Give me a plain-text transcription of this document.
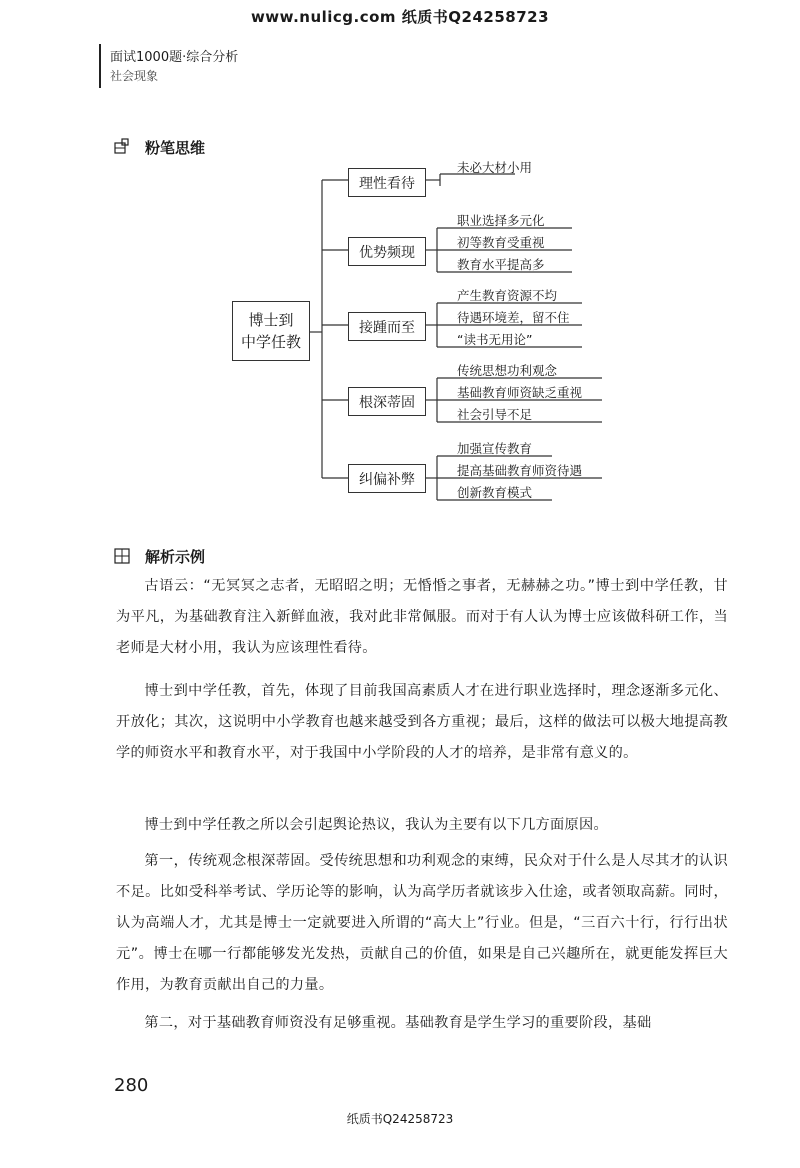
www.nulicg.com 纸质书Q24258723
面试1000题·综合分析
社会现象
粉笔思维
博士到
中学任教
理性看待
优势频现
接踵而至
根深蒂固
纠偏补弊
未必大材小用
职业选择多元化
初等教育受重视
教育水平提高多
产生教育资源不均
待遇环境差，留不住
“读书无用论”
传统思想功利观念
基础教育师资缺乏重视
社会引导不足
加强宣传教育
提高基础教育师资待遇
创新教育模式
解析示例
古语云：“无冥冥之志者，无昭昭之明；无惛惛之事者，无赫赫之功。”博士到中学任教，甘为平凡，为基础教育注入新鲜血液，我对此非常佩服。而对于有人认为博士应该做科研工作，当老师是大材小用，我认为应该理性看待。
博士到中学任教，首先，体现了目前我国高素质人才在进行职业选择时，理念逐渐多元化、开放化；其次，这说明中小学教育也越来越受到各方重视；最后，这样的做法可以极大地提高教学的师资水平和教育水平，对于我国中小学阶段的人才的培养，是非常有意义的。
博士到中学任教之所以会引起舆论热议，我认为主要有以下几方面原因。
第一，传统观念根深蒂固。受传统思想和功利观念的束缚，民众对于什么是人尽其才的认识不足。比如受科举考试、学历论等的影响，认为高学历者就该步入仕途，或者领取高薪。同时，认为高端人才，尤其是博士一定就要进入所谓的“高大上”行业。但是，“三百六十行，行行出状元”。博士在哪一行都能够发光发热，贡献自己的价值，如果是自己兴趣所在，就更能发挥巨大作用，为教育贡献出自己的力量。
第二，对于基础教育师资没有足够重视。基础教育是学生学习的重要阶段，基础
280
纸质书Q24258723
